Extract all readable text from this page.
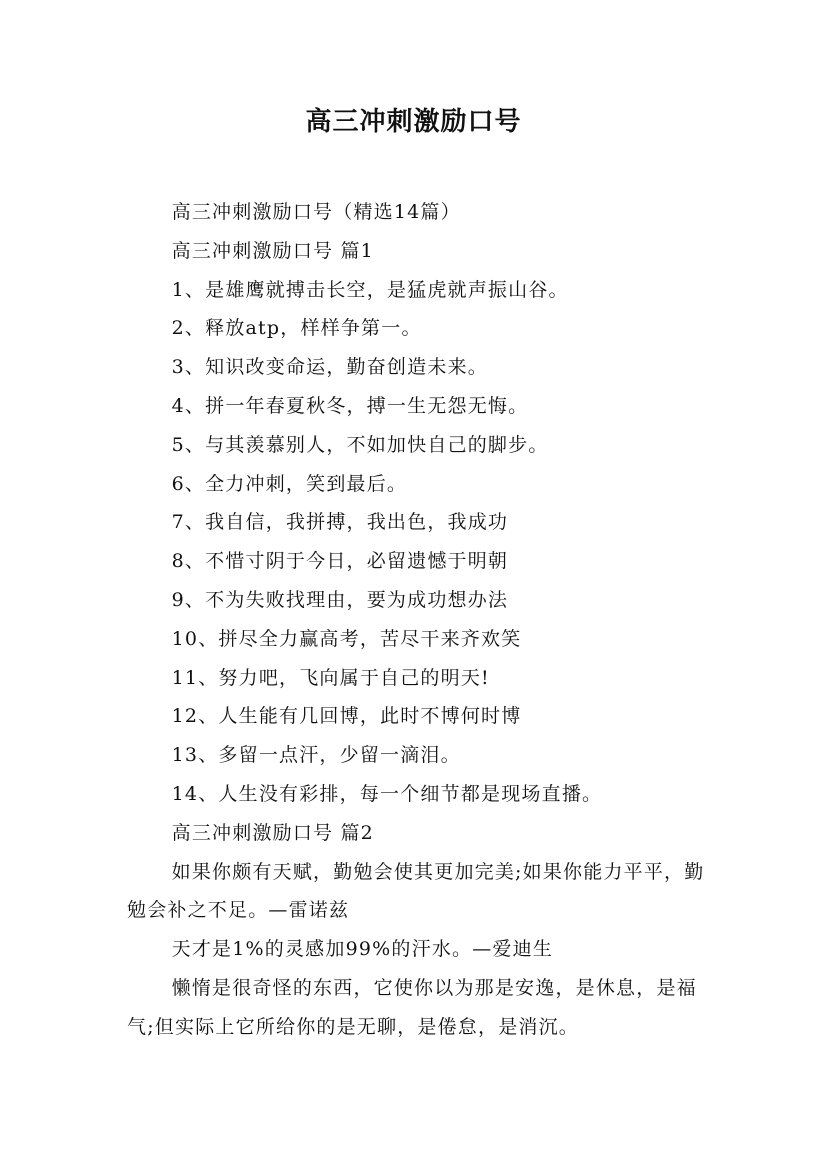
高三冲刺激励口号

高三冲刺激励口号（精选14篇）

高三冲刺激励口号 篇1

1、是雄鹰就搏击长空，是猛虎就声振山谷。

2、释放atp，样样争第一。

3、知识改变命运，勤奋创造未来。

4、拼一年春夏秋冬，搏一生无怨无悔。

5、与其羡慕别人，不如加快自己的脚步。

6、全力冲刺，笑到最后。

7、我自信，我拼搏，我出色，我成功

8、不惜寸阴于今日，必留遗憾于明朝

9、不为失败找理由，要为成功想办法

10、拼尽全力赢高考，苦尽干来齐欢笑

11、努力吧，飞向属于自己的明天!

12、人生能有几回博，此时不博何时博

13、多留一点汗，少留一滴泪。

14、人生没有彩排，每一个细节都是现场直播。

高三冲刺激励口号 篇2

如果你颇有天赋，勤勉会使其更加完美;如果你能力平平，勤勉会补之不足。—雷诺兹

天才是1%的灵感加99%的汗水。—爱迪生

懒惰是很奇怪的东西，它使你以为那是安逸，是休息，是福气;但实际上它所给你的是无聊，是倦怠，是消沉。
